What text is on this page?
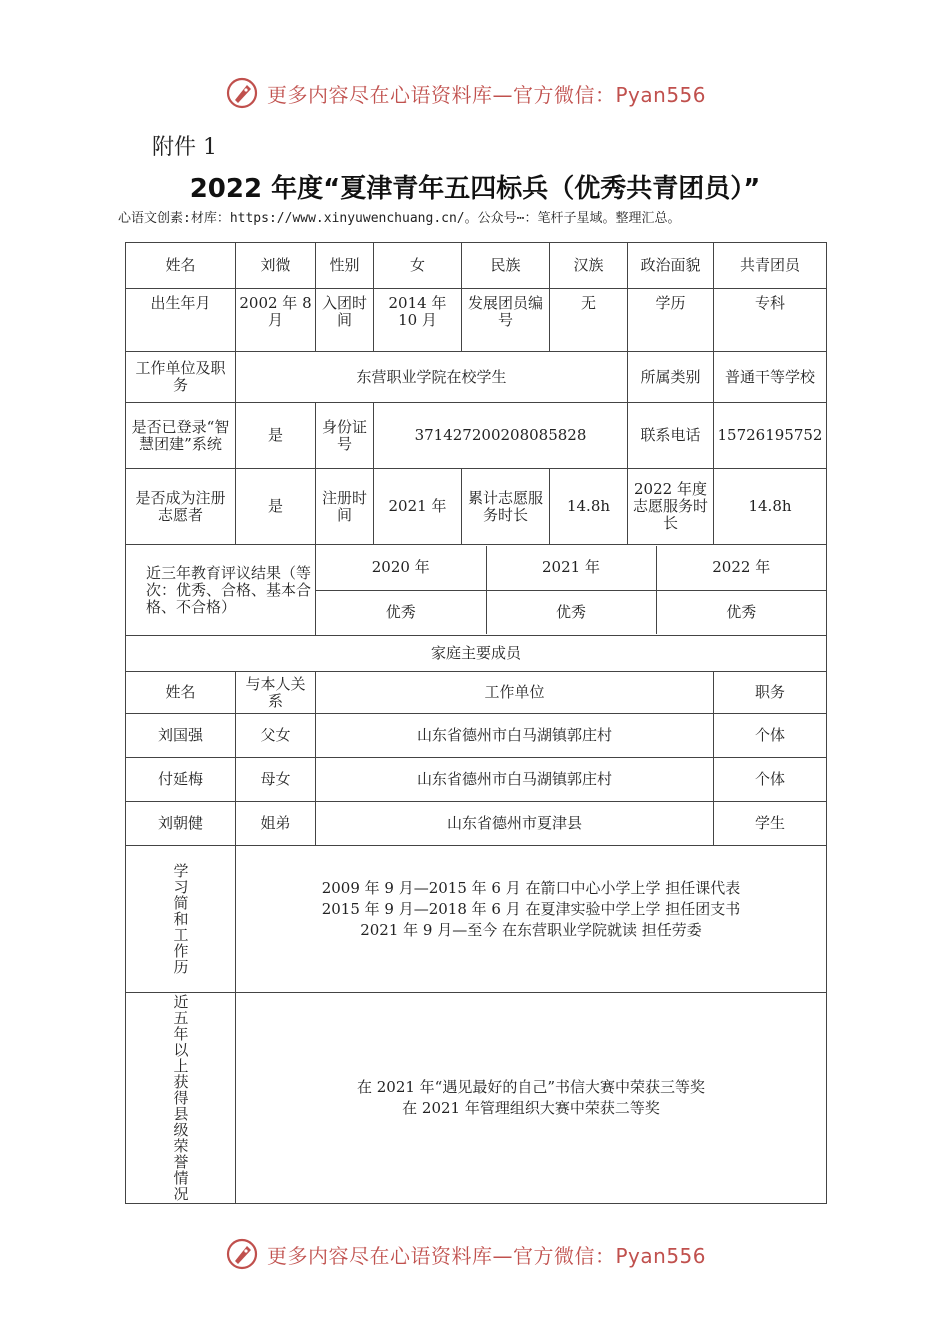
更多内容尽在心语资料库—官方微信：Pyan556
附件 1
2022 年度“夏津青年五四标兵（优秀共青团员）”
心语文创素:材库：https://www.xinyuwenchuang.cn/。公众号⋯：笔杆子星域。整理汇总。
姓名	刘微	性别	女	民族	汉族	政治面貌	共青团员
出生年月	2002 年 8 月	入团时间	2014 年 10 月	发展团员编号	无	学历	专科
工作单位及职务	东营职业学院在校学生	所属类别	普通干等学校
是否已登录“智慧团建”系统	是	身份证号	371427200208085828	联系电话	15726195752
是否成为注册志愿者	是	注册时间	2021 年	累计志愿服务时长	14.8h	2022 年度志愿服务时长	14.8h
近三年教育评议结果（等次：优秀、合格、基本合格、不合格）	
2020 年	2021 年	2022 年
优秀	优秀	优秀

家庭主要成员
姓名	与本人关系	工作单位	职务
刘国强	父女	山东省德州市白马湖镇郭庄村	个体
付延梅	母女	山东省德州市白马湖镇郭庄村	个体
刘朝健	姐弟	山东省德州市夏津县	学生

学习简和工作历	2009 年 9 月—2015 年 6 月 在箭口中心小学上学 担任课代表
2015 年 9 月—2018 年 6 月 在夏津实验中学上学 担任团支书
2021 年 9 月—至今 在东营职业学院就读 担任劳委

近五年以上获得县级荣誉情况	在 2021 年“遇见最好的自己”书信大赛中荣获三等奖
在 2021 年管理组织大赛中荣获二等奖
更多内容尽在心语资料库—官方微信：Pyan556
